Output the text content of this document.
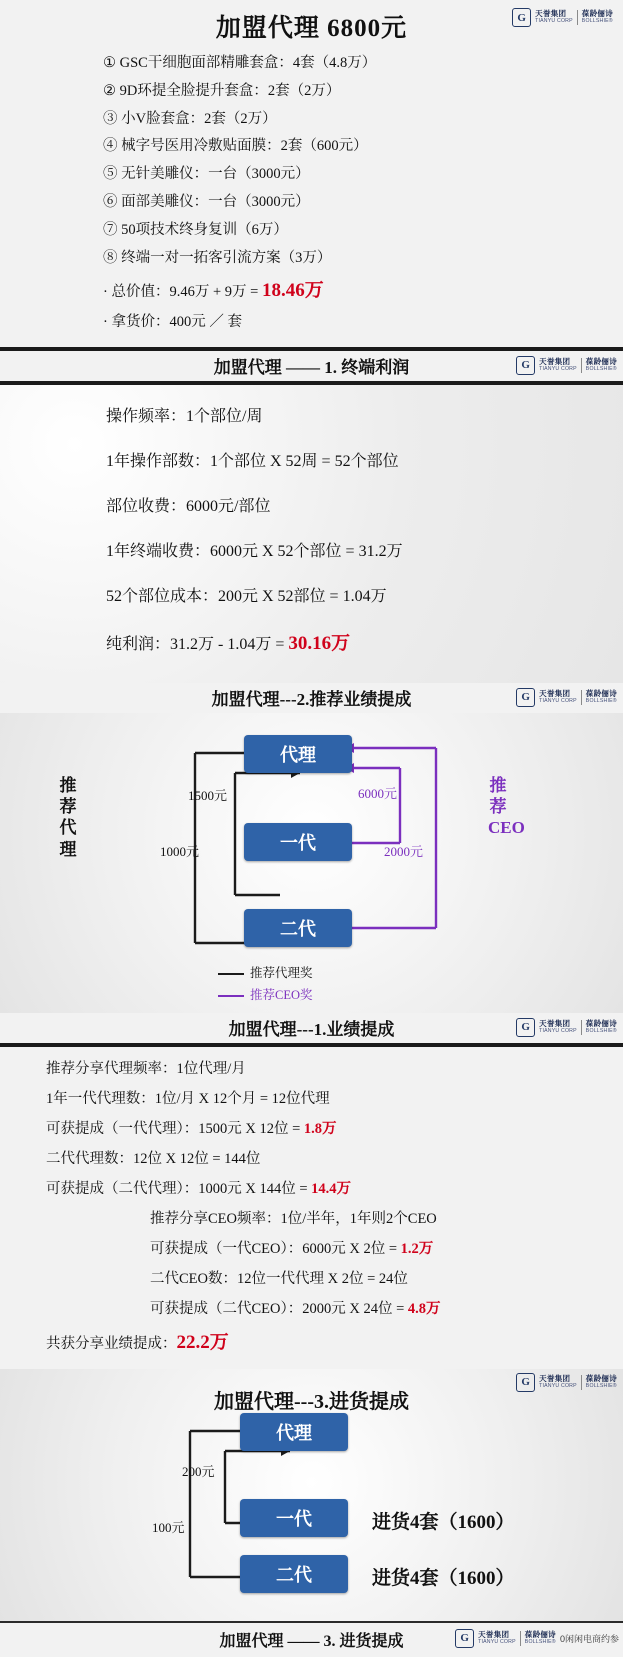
加盟代理 6800元	G	天誉集团
TIANYU CORP
葆龄俪诗
BOLLSHIE®
① GSC干细胞面部精雕套盒：4套（4.8万）
② 9D环提全脸提升套盒：2套（2万）
③ 小V脸套盒：2套（2万）
④ 械字号医用冷敷贴面膜：2套（600元）
⑤ 无针美雕仪：一台（3000元）
⑥ 面部美雕仪：一台（3000元）
⑦ 50项技术终身复训（6万）
⑧ 终端一对一拓客引流方案（3万）
· 总价值：9.46万 + 9万 = 18.46万
· 拿货价：400元 ／ 套
加盟代理 —— 1. 终端利润	G	天誉集团
TIANYU CORP
葆龄俪诗
BOLLSHIE®
操作频率：1个部位/周
1年操作部数：1个部位 X 52周 = 52个部位
部位收费：6000元/部位
1年终端收费：6000元 X 52个部位 = 31.2万
52个部位成本：200元 X 52部位 = 1.04万
纯利润：31.2万 - 1.04万 = 30.16万
加盟代理---2.推荐业绩提成	G	天誉集团
TIANYU CORP
葆龄俪诗
BOLLSHIE®
代理
一代
二代
推荐代理
推荐CEO
1500元
1000元
6000元
2000元
推荐代理奖
推荐CEO奖
加盟代理---1.业绩提成	G	天誉集团
TIANYU CORP
葆龄俪诗
BOLLSHIE®
推荐分享代理频率：1位代理/月
1年一代代理数：1位/月 X 12个月 = 12位代理
可获提成（一代代理）：1500元 X 12位 = 1.8万
二代代理数：12位 X 12位 = 144位
可获提成（二代代理）：1000元 X 144位 = 14.4万
推荐分享CEO频率：1位/半年，1年则2个CEO
可获提成（一代CEO）：6000元 X 2位 = 1.2万
二代CEO数：12位一代代理 X 2位 = 24位
可获提成（二代CEO）：2000元 X 24位 = 4.8万
共获分享业绩提成：22.2万
G	天誉集团
TIANYU CORP
葆龄俪诗
BOLLSHIE®
加盟代理---3.进货提成
代理
一代
二代
200元
100元	进货4套（1600）
进货4套（1600）
加盟代理 —— 3. 进货提成	G	天誉集团
TIANYU CORP
葆龄俪诗
BOLLSHIE® 0闲闲电商约参
